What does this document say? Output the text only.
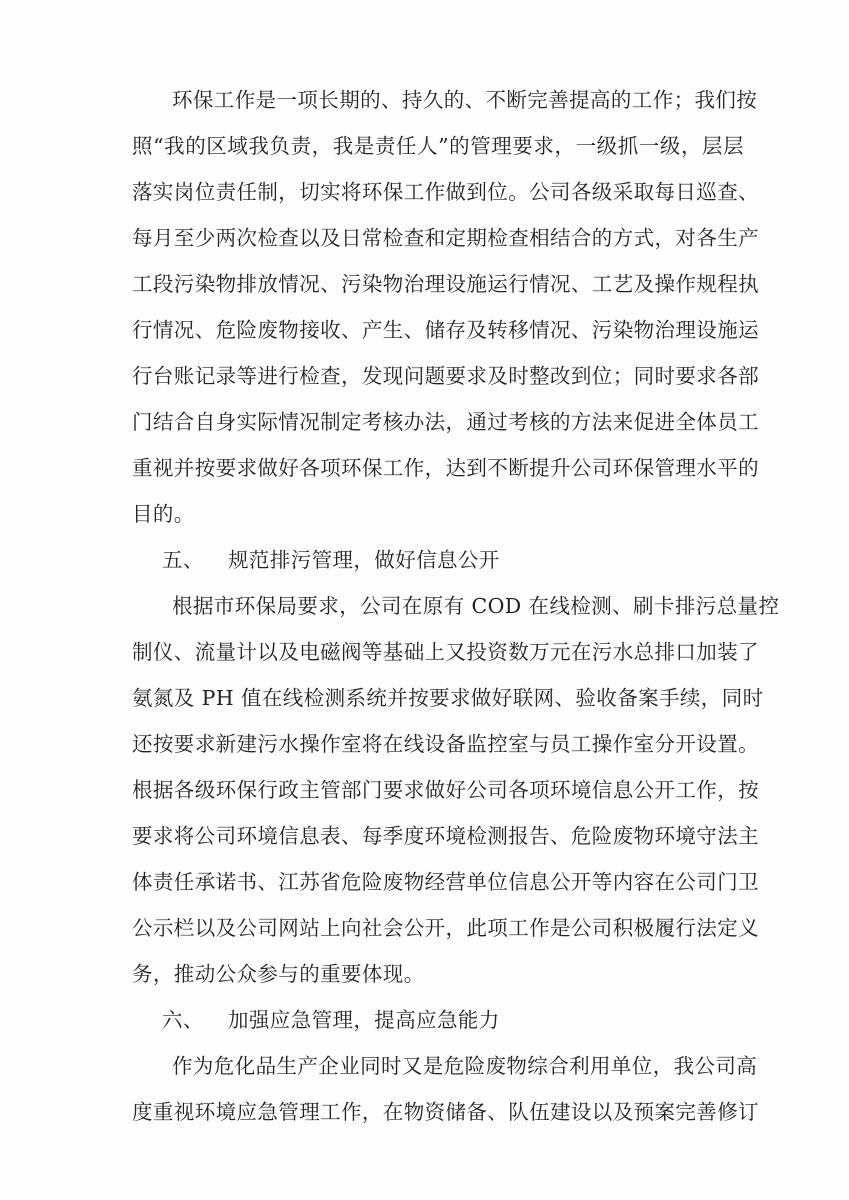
环保工作是一项长期的、持久的、不断完善提高的工作；我们按
照“我的区域我负责，我是责任人”的管理要求，一级抓一级，层层
落实岗位责任制，切实将环保工作做到位。公司各级采取每日巡查、
每月至少两次检查以及日常检查和定期检查相结合的方式，对各生产
工段污染物排放情况、污染物治理设施运行情况、工艺及操作规程执
行情况、危险废物接收、产生、储存及转移情况、污染物治理设施运
行台账记录等进行检查，发现问题要求及时整改到位；同时要求各部
门结合自身实际情况制定考核办法，通过考核的方法来促进全体员工
重视并按要求做好各项环保工作，达到不断提升公司环保管理水平的
目的。
五、 规范排污管理，做好信息公开
根据市环保局要求，公司在原有 COD 在线检测、刷卡排污总量控
制仪、流量计以及电磁阀等基础上又投资数万元在污水总排口加装了
氨氮及 PH 值在线检测系统并按要求做好联网、验收备案手续，同时
还按要求新建污水操作室将在线设备监控室与员工操作室分开设置。
根据各级环保行政主管部门要求做好公司各项环境信息公开工作，按
要求将公司环境信息表、每季度环境检测报告、危险废物环境守法主
体责任承诺书、江苏省危险废物经营单位信息公开等内容在公司门卫
公示栏以及公司网站上向社会公开，此项工作是公司积极履行法定义
务，推动公众参与的重要体现。
六、 加强应急管理，提高应急能力
作为危化品生产企业同时又是危险废物综合利用单位，我公司高
度重视环境应急管理工作，在物资储备、队伍建设以及预案完善修订
